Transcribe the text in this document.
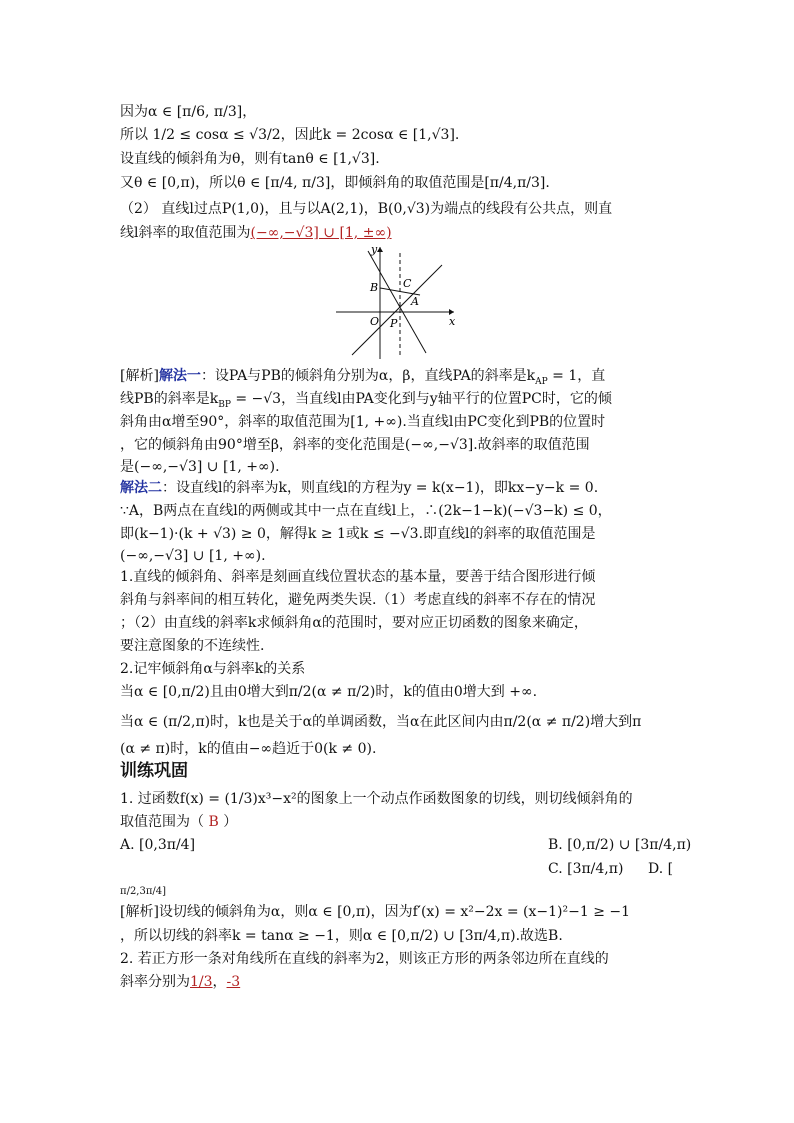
因为α ∈ [π/6, π/3]，
所以 1/2 ≤ cosα ≤ √3/2，因此k = 2cosα ∈ [1,√3].
设直线的倾斜角为θ，则有tanθ ∈ [1,√3].
又θ ∈ [0,π)，所以θ ∈ [π/4, π/3]，即倾斜角的取值范围是[π/4,π/3].
（2） 直线l过点P(1,0)，且与以A(2,1)，B(0,√3)为端点的线段有公共点，则直
线l斜率的取值范围为(−∞,−√3] ∪ [1, ±∞)
y
x
O P
A
B C
[解析]解法一：设PA与PB的倾斜角分别为α，β，直线PA的斜率是$k_{AP} = 1$，直
线PB的斜率是$k_{BP} = -√3$，当直线l由PA变化到与y轴平行的位置PC时，它的倾
斜角由α增至90°，斜率的取值范围为[1, +∞).当直线l由PC变化到PB的位置时
，它的倾斜角由90°增至β，斜率的变化范围是(−∞,−√3].故斜率的取值范围
是(−∞,−√3] ∪ [1, +∞).
解法二：设直线l的斜率为k，则直线l的方程为y = k(x−1)，即kx−y−k = 0.
∵A，B两点在直线l的两侧或其中一点在直线l上，∴(2k−1−k)(−√3−k) ≤ 0，
即(k−1)·(k + √3) ≥ 0，解得k ≥ 1或k ≤ −√3.即直线l的斜率的取值范围是
(−∞,−√3] ∪ [1, +∞).
1.直线的倾斜角、斜率是刻画直线位置状态的基本量，要善于结合图形进行倾
斜角与斜率间的相互转化，避免两类失误.（1）考虑直线的斜率不存在的情况
；（2）由直线的斜率k求倾斜角α的范围时，要对应正切函数的图象来确定，
要注意图象的不连续性.
2.记牢倾斜角α与斜率k的关系
当α ∈ [0,π/2)且由0增大到π/2(α ≠ π/2)时，k的值由0增大到 +∞.
当α ∈ (π/2,π)时，k也是关于α的单调函数，当α在此区间内由π/2(α ≠ π/2)增大到π
(α ≠ π)时，k的值由−∞趋近于0(k ≠ 0).
训练巩固
1. 过函数f(x) = (1/3)x³−x²的图象上一个动点作函数图象的切线，则切线倾斜角的
取值范围为（ B ）
A. [0,3π/4]	B. [0,π/2) ∪ [3π/4,π)
C. [3π/4,π)	D. [
π/2,3π/4]
[解析]设切线的倾斜角为α，则α ∈ [0,π)，因为f′(x) = x²−2x = (x−1)²−1 ≥ −1
，所以切线的斜率k = tanα ≥ −1，则α ∈ [0,π/2) ∪ [3π/4,π).故选B.
2. 若正方形一条对角线所在直线的斜率为2，则该正方形的两条邻边所在直线的
斜率分别为1/3，-3
